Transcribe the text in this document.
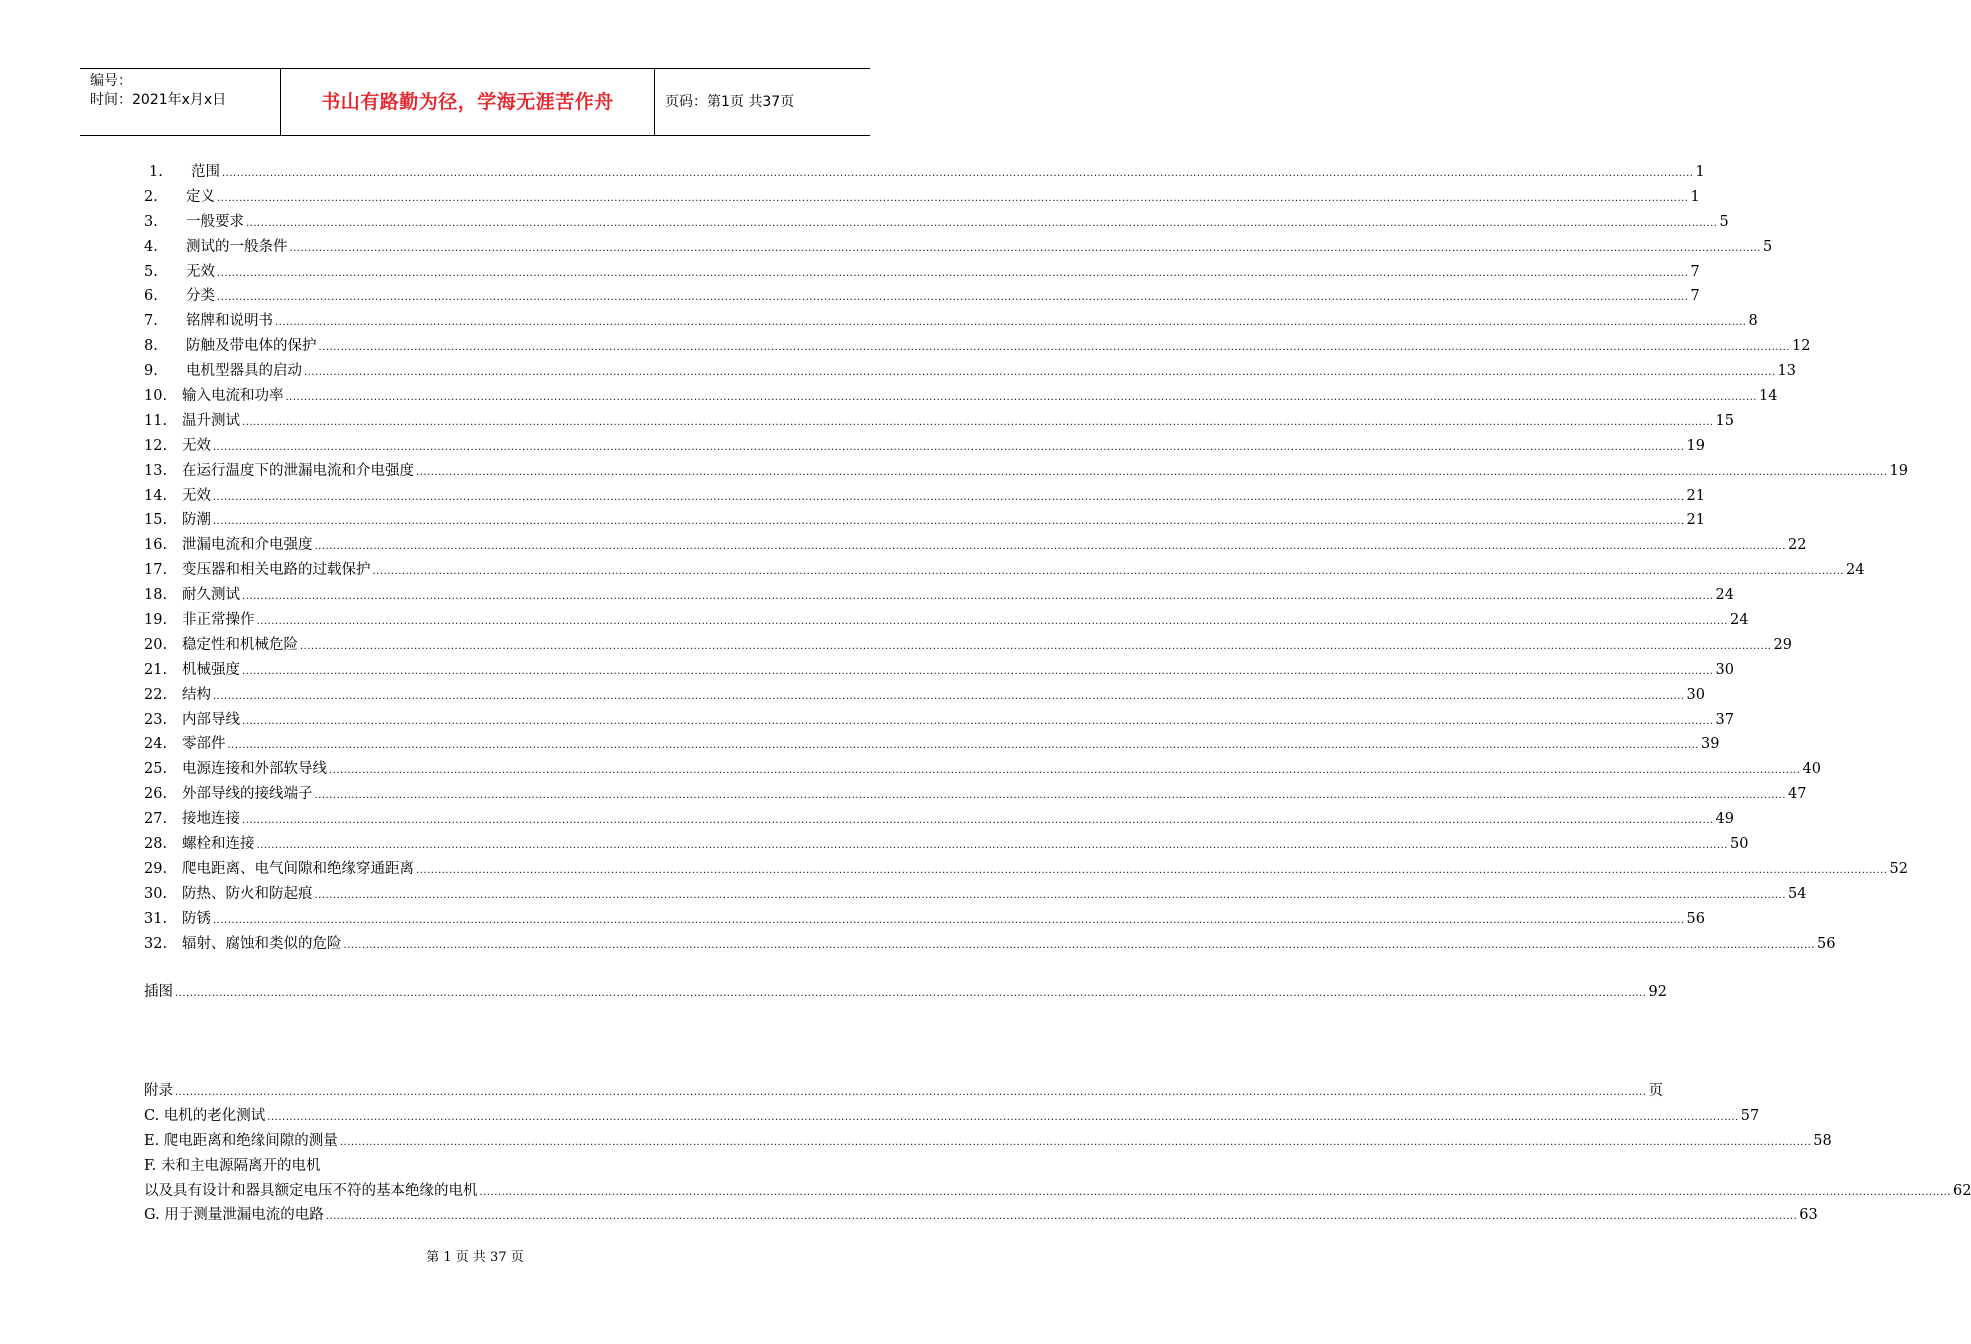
编号：
时间：2021年x月x日	书山有路勤为径，学海无涯苦作舟	页码：第1页 共37页
1.	范围 ................................................................................................................................................................................................................................................................................................................................................................................................................ 1
2.	定义 ................................................................................................................................................................................................................................................................................................................................................................................................................ 1
3.	一般要求 ................................................................................................................................................................................................................................................................................................................................................................................................................ 5
4.	测试的一般条件 ................................................................................................................................................................................................................................................................................................................................................................................................................ 5
5.	无效 ................................................................................................................................................................................................................................................................................................................................................................................................................ 7
6.	分类 ................................................................................................................................................................................................................................................................................................................................................................................................................ 7
7.	铭牌和说明书 ................................................................................................................................................................................................................................................................................................................................................................................................................ 8
8.	防触及带电体的保护 ................................................................................................................................................................................................................................................................................................................................................................................................................ 12
9.	电机型器具的启动 ................................................................................................................................................................................................................................................................................................................................................................................................................ 13
10.	输入电流和功率 ................................................................................................................................................................................................................................................................................................................................................................................................................ 14
11.	温升测试 ................................................................................................................................................................................................................................................................................................................................................................................................................ 15
12.	无效 ................................................................................................................................................................................................................................................................................................................................................................................................................ 19
13.	在运行温度下的泄漏电流和介电强度 ................................................................................................................................................................................................................................................................................................................................................................................................................ 19
14.	无效 ................................................................................................................................................................................................................................................................................................................................................................................................................ 21
15.	防潮 ................................................................................................................................................................................................................................................................................................................................................................................................................ 21
16.	泄漏电流和介电强度 ................................................................................................................................................................................................................................................................................................................................................................................................................ 22
17.	变压器和相关电路的过载保护 ................................................................................................................................................................................................................................................................................................................................................................................................................ 24
18.	耐久测试 ................................................................................................................................................................................................................................................................................................................................................................................................................ 24
19.	非正常操作 ................................................................................................................................................................................................................................................................................................................................................................................................................ 24
20.	稳定性和机械危险 ................................................................................................................................................................................................................................................................................................................................................................................................................ 29
21.	机械强度 ................................................................................................................................................................................................................................................................................................................................................................................................................ 30
22.	结构 ................................................................................................................................................................................................................................................................................................................................................................................................................ 30
23.	内部导线 ................................................................................................................................................................................................................................................................................................................................................................................................................ 37
24.	零部件 ................................................................................................................................................................................................................................................................................................................................................................................................................ 39
25.	电源连接和外部软导线 ................................................................................................................................................................................................................................................................................................................................................................................................................ 40
26.	外部导线的接线端子 ................................................................................................................................................................................................................................................................................................................................................................................................................ 47
27.	接地连接 ................................................................................................................................................................................................................................................................................................................................................................................................................ 49
28.	螺栓和连接 ................................................................................................................................................................................................................................................................................................................................................................................................................ 50
29.	爬电距离、电气间隙和绝缘穿通距离 ................................................................................................................................................................................................................................................................................................................................................................................................................ 52
30.	防热、防火和防起痕 ................................................................................................................................................................................................................................................................................................................................................................................................................ 54
31.	防锈 ................................................................................................................................................................................................................................................................................................................................................................................................................ 56
32.	辐射、腐蚀和类似的危险 ................................................................................................................................................................................................................................................................................................................................................................................................................ 56
插图 ................................................................................................................................................................................................................................................................................................................................................................................................................ 92
附录 ................................................................................................................................................................................................................................................................................................................................................................................................................ 页
C. 电机的老化测试 ................................................................................................................................................................................................................................................................................................................................................................................................................ 57
E. 爬电距离和绝缘间隙的测量 ................................................................................................................................................................................................................................................................................................................................................................................................................ 58
F. 未和主电源隔离开的电机
以及具有设计和器具额定电压不符的基本绝缘的电机 ................................................................................................................................................................................................................................................................................................................................................................................................................ 62
G. 用于测量泄漏电流的电路 ................................................................................................................................................................................................................................................................................................................................................................................................................ 63
第 1 页 共 37 页
